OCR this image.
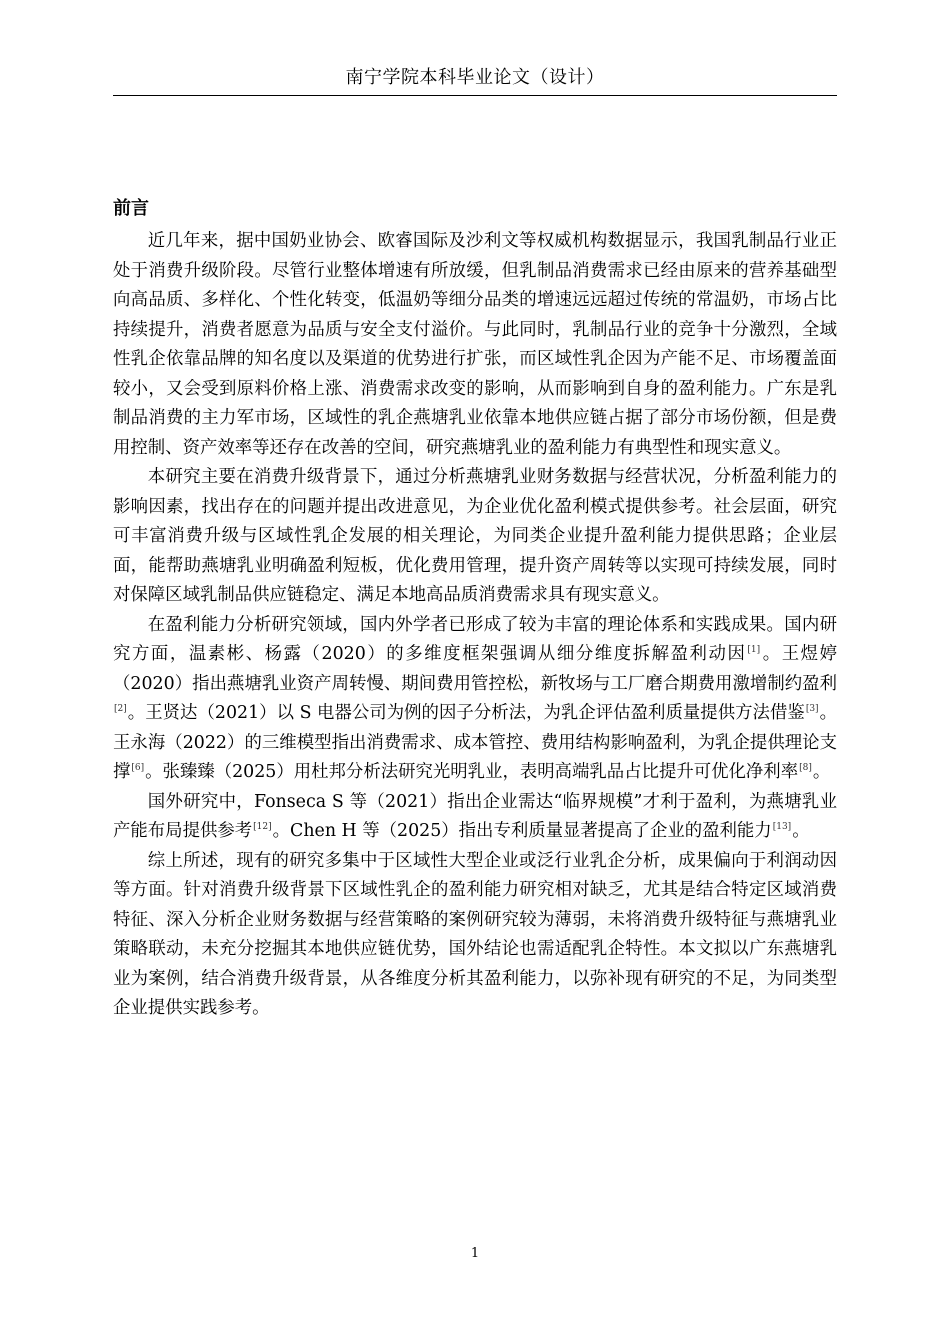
南宁学院本科毕业论文（设计）
前言

近几年来，据中国奶业协会、欧睿国际及沙利文等权威机构数据显示，我国乳制品行业正处于消费升级阶段。尽管行业整体增速有所放缓，但乳制品消费需求已经由原来的营养基础型向高品质、多样化、个性化转变，低温奶等细分品类的增速远远超过传统的常温奶，市场占比持续提升，消费者愿意为品质与安全支付溢价。与此同时，乳制品行业的竞争十分激烈，全域性乳企依靠品牌的知名度以及渠道的优势进行扩张，而区域性乳企因为产能不足、市场覆盖面较小，又会受到原料价格上涨、消费需求改变的影响，从而影响到自身的盈利能力。广东是乳制品消费的主力军市场，区域性的乳企燕塘乳业依靠本地供应链占据了部分市场份额，但是费用控制、资产效率等还存在改善的空间，研究燕塘乳业的盈利能力有典型性和现实意义。

本研究主要在消费升级背景下，通过分析燕塘乳业财务数据与经营状况，分析盈利能力的影响因素，找出存在的问题并提出改进意见，为企业优化盈利模式提供参考。社会层面，研究可丰富消费升级与区域性乳企发展的相关理论，为同类企业提升盈利能力提供思路；企业层面，能帮助燕塘乳业明确盈利短板，优化费用管理，提升资产周转等以实现可持续发展，同时对保障区域乳制品供应链稳定、满足本地高品质消费需求具有现实意义。

在盈利能力分析研究领域，国内外学者已形成了较为丰富的理论体系和实践成果。国内研究方面，温素彬、杨露（2020）的多维度框架强调从细分维度拆解盈利动因[1]。王煜婷（2020）指出燕塘乳业资产周转慢、期间费用管控松，新牧场与工厂磨合期费用激增制约盈利[2]。王贤达（2021）以 S 电器公司为例的因子分析法，为乳企评估盈利质量提供方法借鉴[3]。王永海（2022）的三维模型指出消费需求、成本管控、费用结构影响盈利，为乳企提供理论支撑[6]。张臻臻（2025）用杜邦分析法研究光明乳业，表明高端乳品占比提升可优化净利率[8]。

国外研究中，Fonseca S 等（2021）指出企业需达“临界规模”才利于盈利，为燕塘乳业产能布局提供参考[12]。Chen H 等（2025）指出专利质量显著提高了企业的盈利能力[13]。

综上所述，现有的研究多集中于区域性大型企业或泛行业乳企分析，成果偏向于利润动因等方面。针对消费升级背景下区域性乳企的盈利能力研究相对缺乏，尤其是结合特定区域消费特征、深入分析企业财务数据与经营策略的案例研究较为薄弱，未将消费升级特征与燕塘乳业策略联动，未充分挖掘其本地供应链优势，国外结论也需适配乳企特性。本文拟以广东燕塘乳业为案例，结合消费升级背景，从各维度分析其盈利能力，以弥补现有研究的不足，为同类型企业提供实践参考。

1
